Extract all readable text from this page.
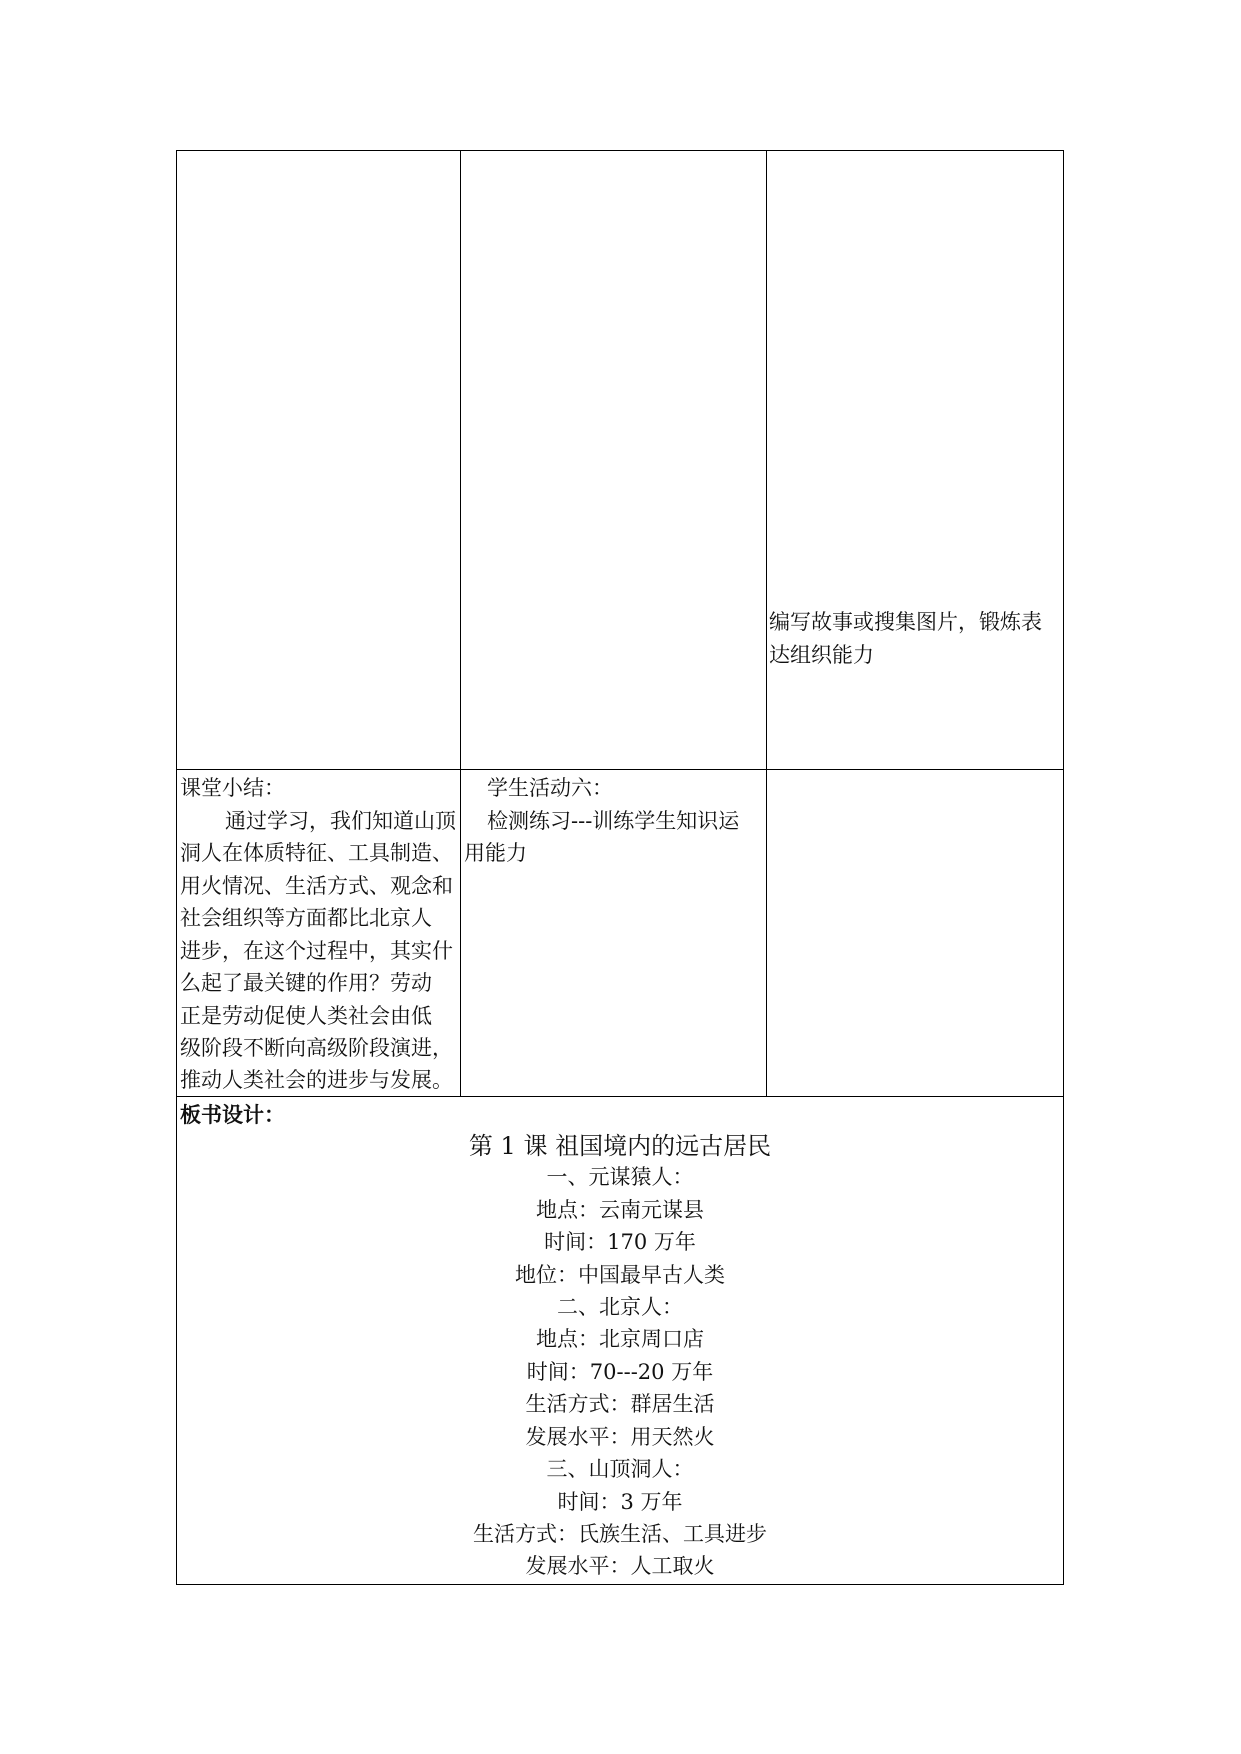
编写故事或搜集图片，锻炼表
达组织能力
课堂小结：
通过学习，我们知道山顶
洞人在体质特征、工具制造、
用火情况、生活方式、观念和
社会组织等方面都比北京人
进步，在这个过程中，其实什
么起了最关键的作用？劳动
正是劳动促使人类社会由低
级阶段不断向高级阶段演进，
推动人类社会的进步与发展。
学生活动六：
检测练习---训练学生知识运
用能力
板书设计：
第 1 课 祖国境内的远古居民
一、元谋猿人：
地点：云南元谋县
时间：170 万年
地位：中国最早古人类
二、北京人：
地点：北京周口店
时间：70---20 万年
生活方式：群居生活
发展水平：用天然火
三、山顶洞人：
时间：3 万年
生活方式：氏族生活、工具进步
发展水平：人工取火
